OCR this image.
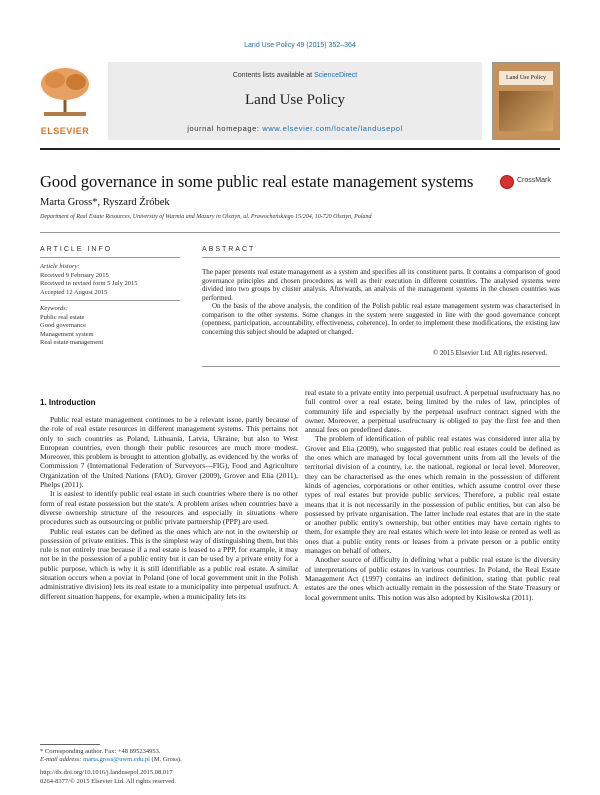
Land Use Policy 49 (2015) 352–364
ELSEVIER
Contents lists available at ScienceDirect
Land Use Policy
journal homepage: www.elsevier.com/locate/landusepol
Land Use Policy
Good governance in some public real estate management systems	CrossMark
Marta Gross*, Ryszard Źróbek
Department of Real Estate Resources, University of Warmia and Mazury in Olsztyn, ul. Prawocheńskiego 15/204, 10-720 Olsztyn, Poland
ARTICLE INFO
Article history:
Received 9 February 2015
Received in revised form 5 July 2015
Accepted 12 August 2015
Keywords:
Public real estate
Good governance
Management system
Real estate management
ABSTRACT
The paper presents real estate management as a system and specifies all its constituent parts. It contains a comparison of good governance principles and chosen procedures as well as their execution in different countries. The analysed systems were divided into two groups by cluster analysis. Afterwards, an analysis of the management systems in the chosen countries was performed.
On the basis of the above analysis, the condition of the Polish public real estate management system was characterised in comparison to the other systems. Some changes in the system were suggested in line with the good governance concept (openness, participation, accountability, effectiveness, coherence). In order to implement these modifications, the existing law concerning this subject should be adapted or changed.
© 2015 Elsevier Ltd. All rights reserved.
1. Introduction

Public real estate management continues to be a relevant issue, partly because of the role of real estate resources in different management systems. This pertains not only to such countries as Poland, Lithuania, Latvia, Ukraine, but also to West European countries, even though their public resources are much more modest. Moreover, this problem is brought to attention globally, as evidenced by the works of Commission 7 (International Federation of Surveyors—FIG), Food and Agriculture Organization of the United Nations (FAO), Grover (2009), Grover and Elia (2011), Phelps (2011).

It is easiest to identify public real estate in such countries where there is no other form of real estate possession but the state's. A problem arises when countries have a diverse ownership structure of the resources and especially in situations where procedures such as outsourcing or public private partnership (PPP) are used.

Public real estates can be defined as the ones which are not in the ownership or possession of private entities. This is the simplest way of distinguishing them, but this rule is not entirely true because if a real estate is leased to a PPP, for example, it may not be in the possession of a public entity but it can be used by a private entity for a public purpose, which is why it is still identifiable as a public real estate. A similar situation occurs when a poviat in Poland (one of local government unit in the Polish administrative division) lets its real estate to a municipality into perpetual usufruct. A different situation happens, for example, when a municipality lets its

real estate to a private entity into perpetual usufruct. A perpetual usufructuary has no full control over a real estate, being limited by the rules of law, principles of community life and especially by the perpetual usufruct contract signed with the owner. Moreover, a perpetual usufructuary is obliged to pay the first fee and then annual fees on predefined dates.

The problem of identification of public real estates was considered inter alia by Grover and Elia (2009), who suggested that public real estates could be defined as the ones which are managed by local government units from all the levels of the territorial division of a country, i.e. the national, regional or local level. Moreover, they can be characterised as the ones which remain in the possession of different kinds of agencies, corporations or other entities, which assume control over these types of real estates but provide public services. Therefore, a public real estate means that it is not necessarily in the possession of public entities, but can also be possessed by private organisation. The latter include real estates that are in the state or another public entity's ownership, but other entities may have certain rights to them, for example they are real estates which were let into lease or rented as well as ones that a public entity rents or leases from a private person or a public entity manages on behalf of others.

Another source of difficulty in defining what a public real estate is the diversity of interpretations of public estates in various countries. In Poland, the Real Estate Management Act (1997) contains an indirect definition, stating that public real estates are the ones which actually remain in the possession of the State Treasury or local government units. This notion was also adopted by Kisiłowska (2011).

* Corresponding author. Fax: +48 895234953.
E-mail address: marta.gross@uwm.edu.pl (M. Gross).
http://dx.doi.org/10.1016/j.landusepol.2015.08.017
0264-8377/© 2015 Elsevier Ltd. All rights reserved.
